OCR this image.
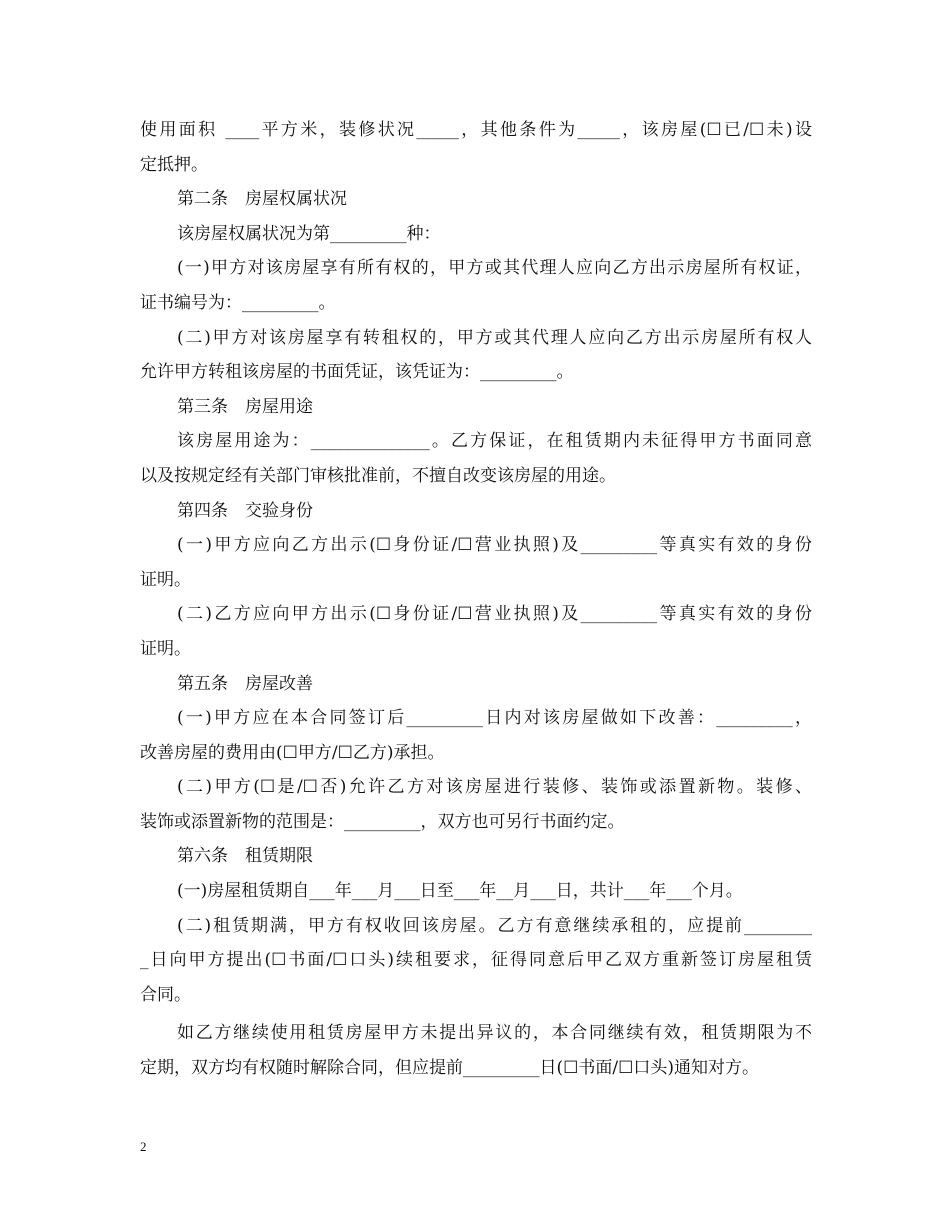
使用面积 ____平方米，装修状况_____，其他条件为_____，该房屋(☐已/☐未)设
定抵押。
第二条　房屋权属状况
该房屋权属状况为第_________种：
(一)甲方对该房屋享有所有权的，甲方或其代理人应向乙方出示房屋所有权证，
证书编号为：_________。
(二)甲方对该房屋享有转租权的，甲方或其代理人应向乙方出示房屋所有权人
允许甲方转租该房屋的书面凭证，该凭证为：_________。
第三条　房屋用途
该房屋用途为：______________。乙方保证，在租赁期内未征得甲方书面同意
以及按规定经有关部门审核批准前，不擅自改变该房屋的用途。
第四条　交验身份
(一)甲方应向乙方出示(☐身份证/☐营业执照)及_________等真实有效的身份
证明。
(二)乙方应向甲方出示(☐身份证/☐营业执照)及_________等真实有效的身份
证明。
第五条　房屋改善
(一)甲方应在本合同签订后_________日内对该房屋做如下改善：_________，
改善房屋的费用由(☐甲方/☐乙方)承担。
(二)甲方(☐是/☐否)允许乙方对该房屋进行装修、装饰或添置新物。装修、
装饰或添置新物的范围是：_________，双方也可另行书面约定。
第六条　租赁期限
(一)房屋租赁期自___年___月___日至___年__月___日，共计___年___个月。
(二)租赁期满，甲方有权收回该房屋。乙方有意继续承租的，应提前________
_日向甲方提出(☐书面/☐口头)续租要求，征得同意后甲乙双方重新签订房屋租赁
合同。
如乙方继续使用租赁房屋甲方未提出异议的，本合同继续有效，租赁期限为不
定期，双方均有权随时解除合同，但应提前_________日(☐书面/☐口头)通知对方。
2
